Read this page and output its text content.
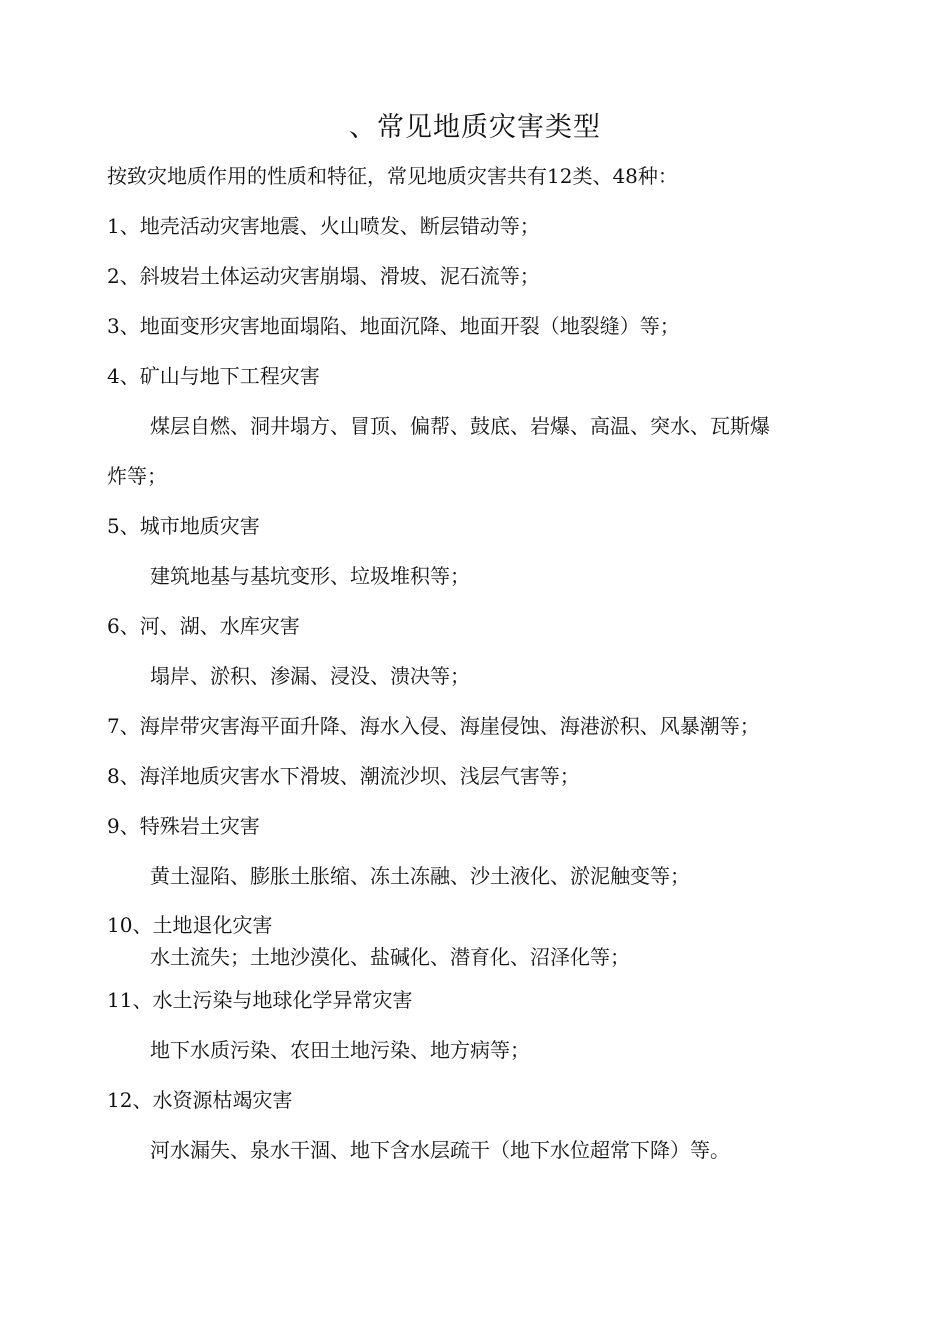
、常见地质灾害类型
按致灾地质作用的性质和特征，常见地质灾害共有12类、48种：
1、地壳活动灾害地震、火山喷发、断层错动等；
2、斜坡岩土体运动灾害崩塌、滑坡、泥石流等；
3、地面变形灾害地面塌陷、地面沉降、地面开裂（地裂缝）等；
4、矿山与地下工程灾害
煤层自燃、洞井塌方、冒顶、偏帮、鼓底、岩爆、高温、突水、瓦斯爆
炸等；
5、城市地质灾害
建筑地基与基坑变形、垃圾堆积等；
6、河、湖、水库灾害
塌岸、淤积、渗漏、浸没、溃决等；
7、海岸带灾害海平面升降、海水入侵、海崖侵蚀、海港淤积、风暴潮等；
8、海洋地质灾害水下滑坡、潮流沙坝、浅层气害等；
9、特殊岩土灾害
黄土湿陷、膨胀土胀缩、冻土冻融、沙土液化、淤泥触变等；
10、土地退化灾害
水土流失；土地沙漠化、盐碱化、潜育化、沼泽化等；
11、水土污染与地球化学异常灾害
地下水质污染、农田土地污染、地方病等；
12、水资源枯竭灾害
河水漏失、泉水干涸、地下含水层疏干（地下水位超常下降）等。
